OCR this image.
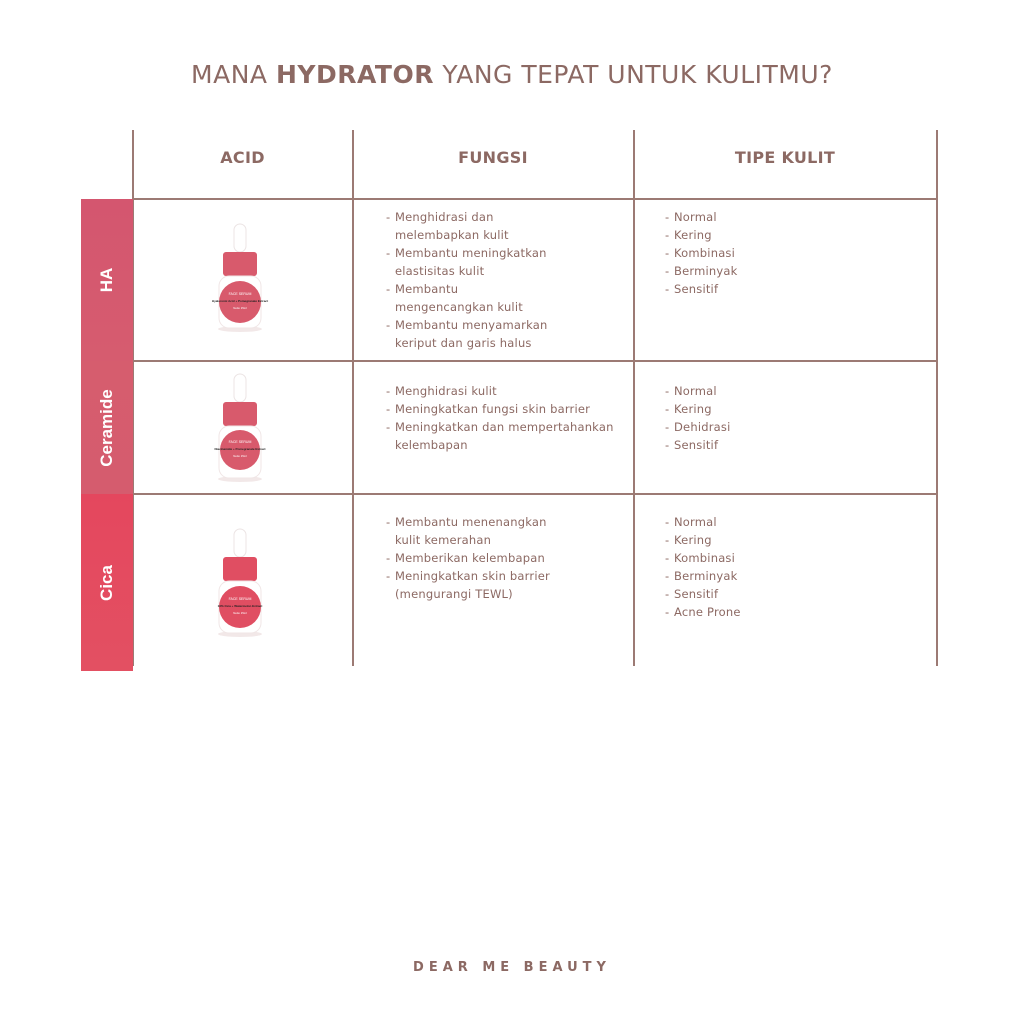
MANA HYDRATOR YANG TEPAT UNTUK KULITMU?
ACID	FUNGSI	TIPE KULIT
HA
Ceramide
Cica
FACE SERUM
Hyaluronic Acid + Pomegranate Extract
Netto 15ml
FACE SERUM
Niacinamide + Pomegranate Extract
Netto 15ml
FACE SERUM
10% Cica + Watermelon Extract
Netto 15ml
- Menghidrasi dan
melembapkan kulit
- Membantu meningkatkan
elastisitas kulit
- Membantu
mengencangkan kulit
- Membantu menyamarkan
keriput dan garis halus
- Normal
- Kering
- Kombinasi
- Berminyak
- Sensitif
- Menghidrasi kulit
- Meningkatkan fungsi skin barrier
- Meningkatkan dan mempertahankan
kelembapan
- Normal
- Kering
- Dehidrasi
- Sensitif
- Membantu menenangkan
kulit kemerahan
- Memberikan kelembapan
- Meningkatkan skin barrier
(mengurangi TEWL)
- Normal
- Kering
- Kombinasi
- Berminyak
- Sensitif
- Acne Prone
DEAR ME BEAUTY
